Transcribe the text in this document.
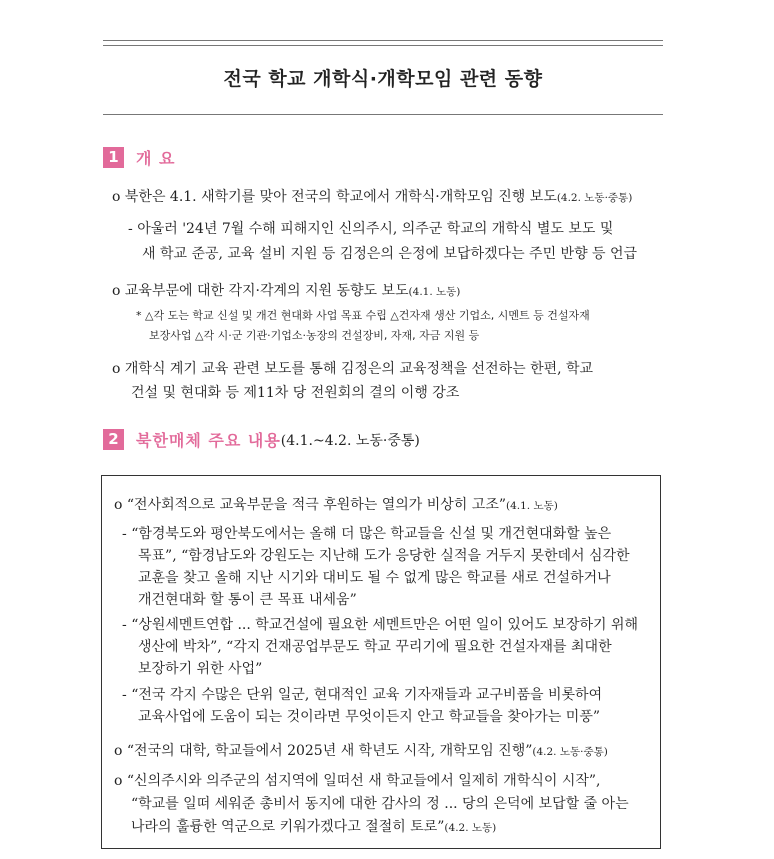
전국 학교 개학식·개학모임 관련 동향
1	개 요
o 북한은 4.1. 새학기를 맞아 전국의 학교에서 개학식·개학모임 진행 보도(4.2. 노동·중통)
- 아울러 '24년 7월 수해 피해지인 신의주시, 의주군 학교의 개학식 별도 보도 및
새 학교 준공, 교육 설비 지원 등 김정은의 은정에 보답하겠다는 주민 반향 등 언급
o 교육부문에 대한 각지·각계의 지원 동향도 보도(4.1. 노동)
* △각 도는 학교 신설 및 개건 현대화 사업 목표 수립 △건자재 생산 기업소, 시멘트 등 건설자재
보장사업 △각 시·군 기관·기업소·농장의 건설장비, 자재, 자금 지원 등
o 개학식 계기 교육 관련 보도를 통해 김정은의 교육정책을 선전하는 한편, 학교
건설 및 현대화 등 제11차 당 전원회의 결의 이행 강조
2	북한매체 주요 내용 (4.1.~4.2. 노동·중통)
o “전사회적으로 교육부문을 적극 후원하는 열의가 비상히 고조”(4.1. 노동)
- “함경북도와 평안북도에서는 올해 더 많은 학교들을 신설 및 개건현대화할 높은
목표”, “함경남도와 강원도는 지난해 도가 응당한 실적을 거두지 못한데서 심각한
교훈을 찾고 올해 지난 시기와 대비도 될 수 없게 많은 학교를 새로 건설하거나
개건현대화 할 통이 큰 목표 내세움”
- “상원세멘트연합 ... 학교건설에 필요한 세멘트만은 어떤 일이 있어도 보장하기 위해
생산에 박차”, “각지 건재공업부문도 학교 꾸리기에 필요한 건설자재를 최대한
보장하기 위한 사업”
- “전국 각지 수많은 단위 일군, 현대적인 교육 기자재들과 교구비품을 비롯하여
교육사업에 도움이 되는 것이라면 무엇이든지 안고 학교들을 찾아가는 미풍”
o “전국의 대학, 학교들에서 2025년 새 학년도 시작, 개학모임 진행”(4.2. 노동·중통)
o “신의주시와 의주군의 섬지역에 일떠선 새 학교들에서 일제히 개학식이 시작”,
“학교를 일떠 세워준 총비서 동지에 대한 감사의 정 ... 당의 은덕에 보답할 줄 아는
나라의 훌륭한 역군으로 키워가겠다고 절절히 토로”(4.2. 노동)
